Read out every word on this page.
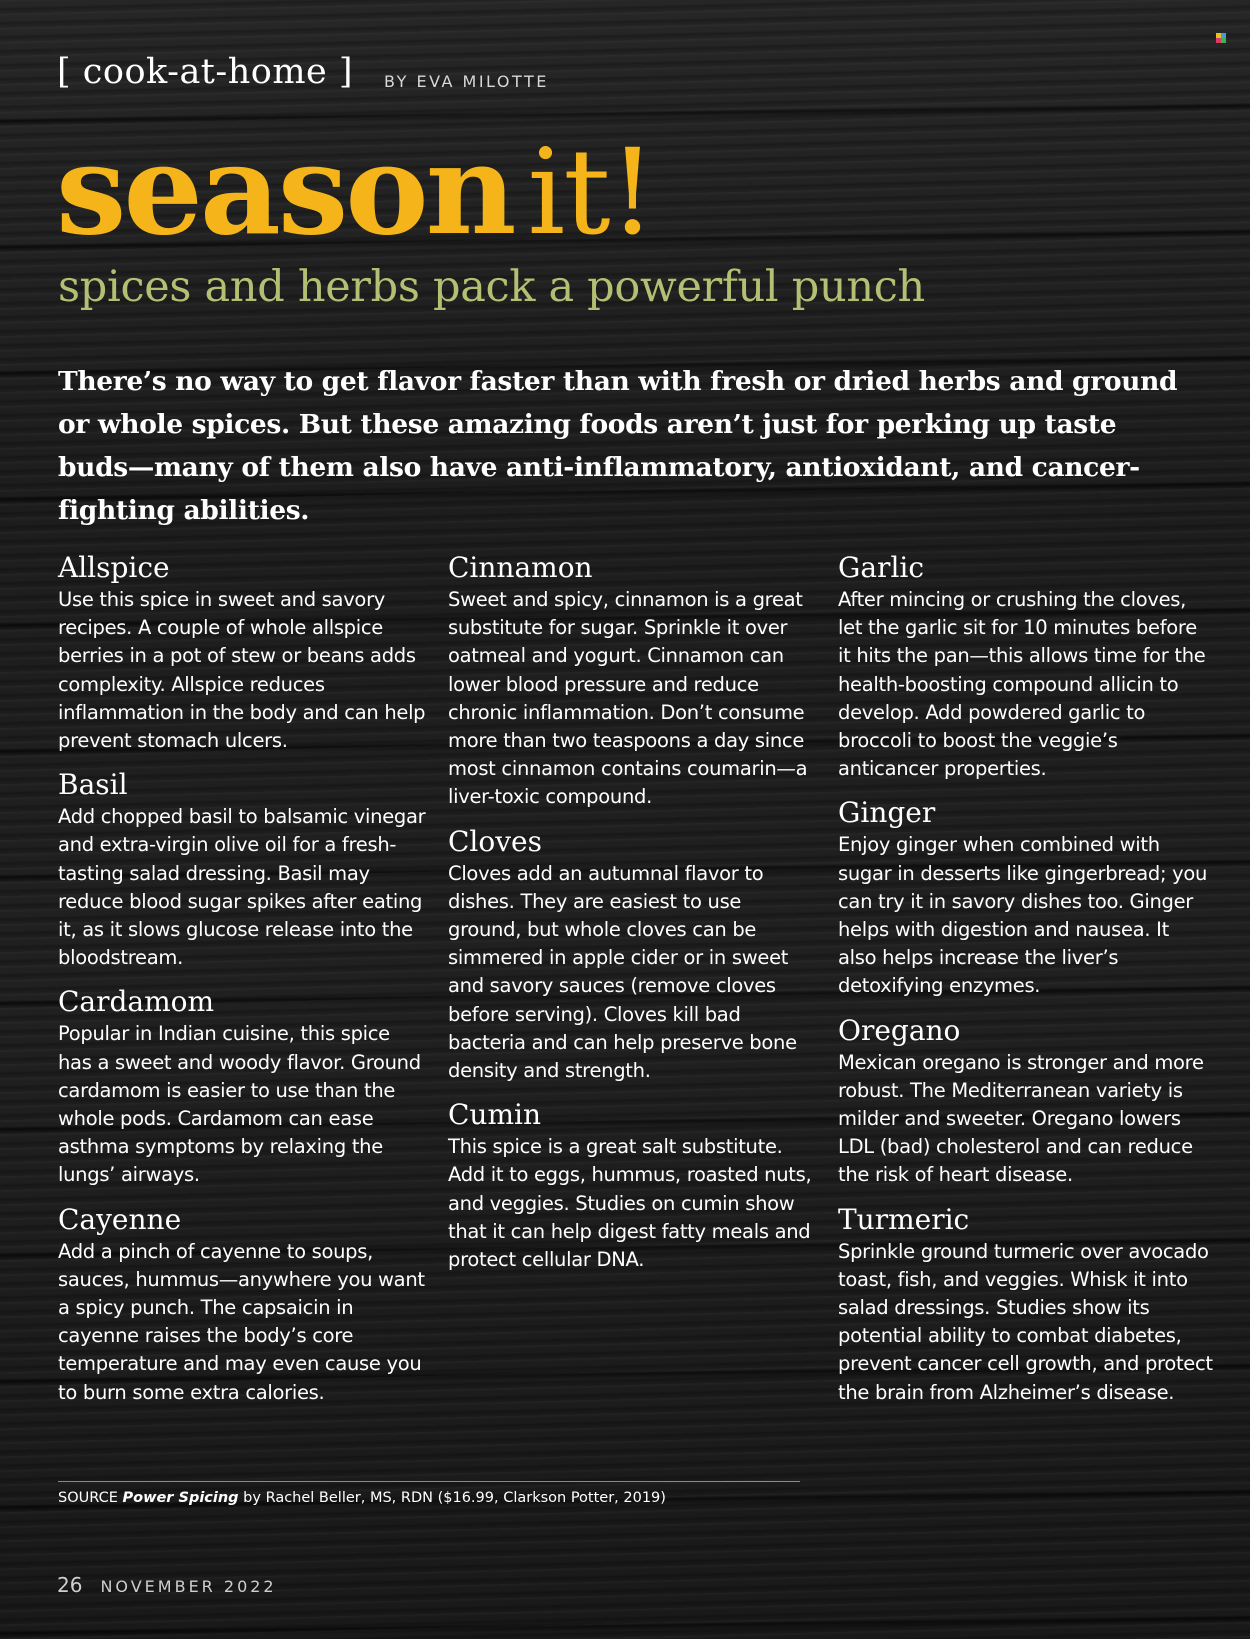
[ cook-at-home ] BY EVA MILOTTE
season it!
spices and herbs pack a powerful punch

There’s no way to get flavor faster than with fresh or dried herbs and ground or whole spices. But these amazing foods aren’t just for perking up taste buds—many of them also have anti-inflammatory, antioxidant, and cancer-fighting abilities.

Allspice

Use this spice in sweet and savory recipes. A couple of whole allspice berries in a pot of stew or beans adds complexity. Allspice reduces inflammation in the body and can help prevent stomach ulcers.

Basil

Add chopped basil to balsamic vinegar and extra-virgin olive oil for a fresh-tasting salad dressing. Basil may reduce blood sugar spikes after eating it, as it slows glucose release into the bloodstream.

Cardamom

Popular in Indian cuisine, this spice has a sweet and woody flavor. Ground cardamom is easier to use than the whole pods. Cardamom can ease asthma symptoms by relaxing the lungs’ airways.

Cayenne

Add a pinch of cayenne to soups, sauces, hummus—anywhere you want a spicy punch. The capsaicin in cayenne raises the body’s core temperature and may even cause you to burn some extra calories.

Cinnamon

Sweet and spicy, cinnamon is a great substitute for sugar. Sprinkle it over oatmeal and yogurt. Cinnamon can lower blood pressure and reduce chronic inflammation. Don’t consume more than two teaspoons a day since most cinnamon contains coumarin—a liver-toxic compound.

Cloves

Cloves add an autumnal flavor to dishes. They are easiest to use ground, but whole cloves can be simmered in apple cider or in sweet and savory sauces (remove cloves before serving). Cloves kill bad bacteria and can help preserve bone density and strength.

Cumin

This spice is a great salt substitute. Add it to eggs, hummus, roasted nuts, and veggies. Studies on cumin show that it can help digest fatty meals and protect cellular DNA.

Garlic

After mincing or crushing the cloves, let the garlic sit for 10 minutes before it hits the pan—this allows time for the health-boosting compound allicin to develop. Add powdered garlic to broccoli to boost the veggie’s anticancer properties.

Ginger

Enjoy ginger when combined with sugar in desserts like gingerbread; you can try it in savory dishes too. Ginger helps with digestion and nausea. It also helps increase the liver’s detoxifying enzymes.

Oregano

Mexican oregano is stronger and more robust. The Mediterranean variety is milder and sweeter. Oregano lowers LDL (bad) cholesterol and can reduce the risk of heart disease.

Turmeric

Sprinkle ground turmeric over avocado toast, fish, and veggies. Whisk it into salad dressings. Studies show its potential ability to combat diabetes, prevent cancer cell growth, and protect the brain from Alzheimer’s disease.

SOURCE Power Spicing by Rachel Beller, MS, RDN ($16.99, Clarkson Potter, 2019)
26 NOVEMBER 2022
